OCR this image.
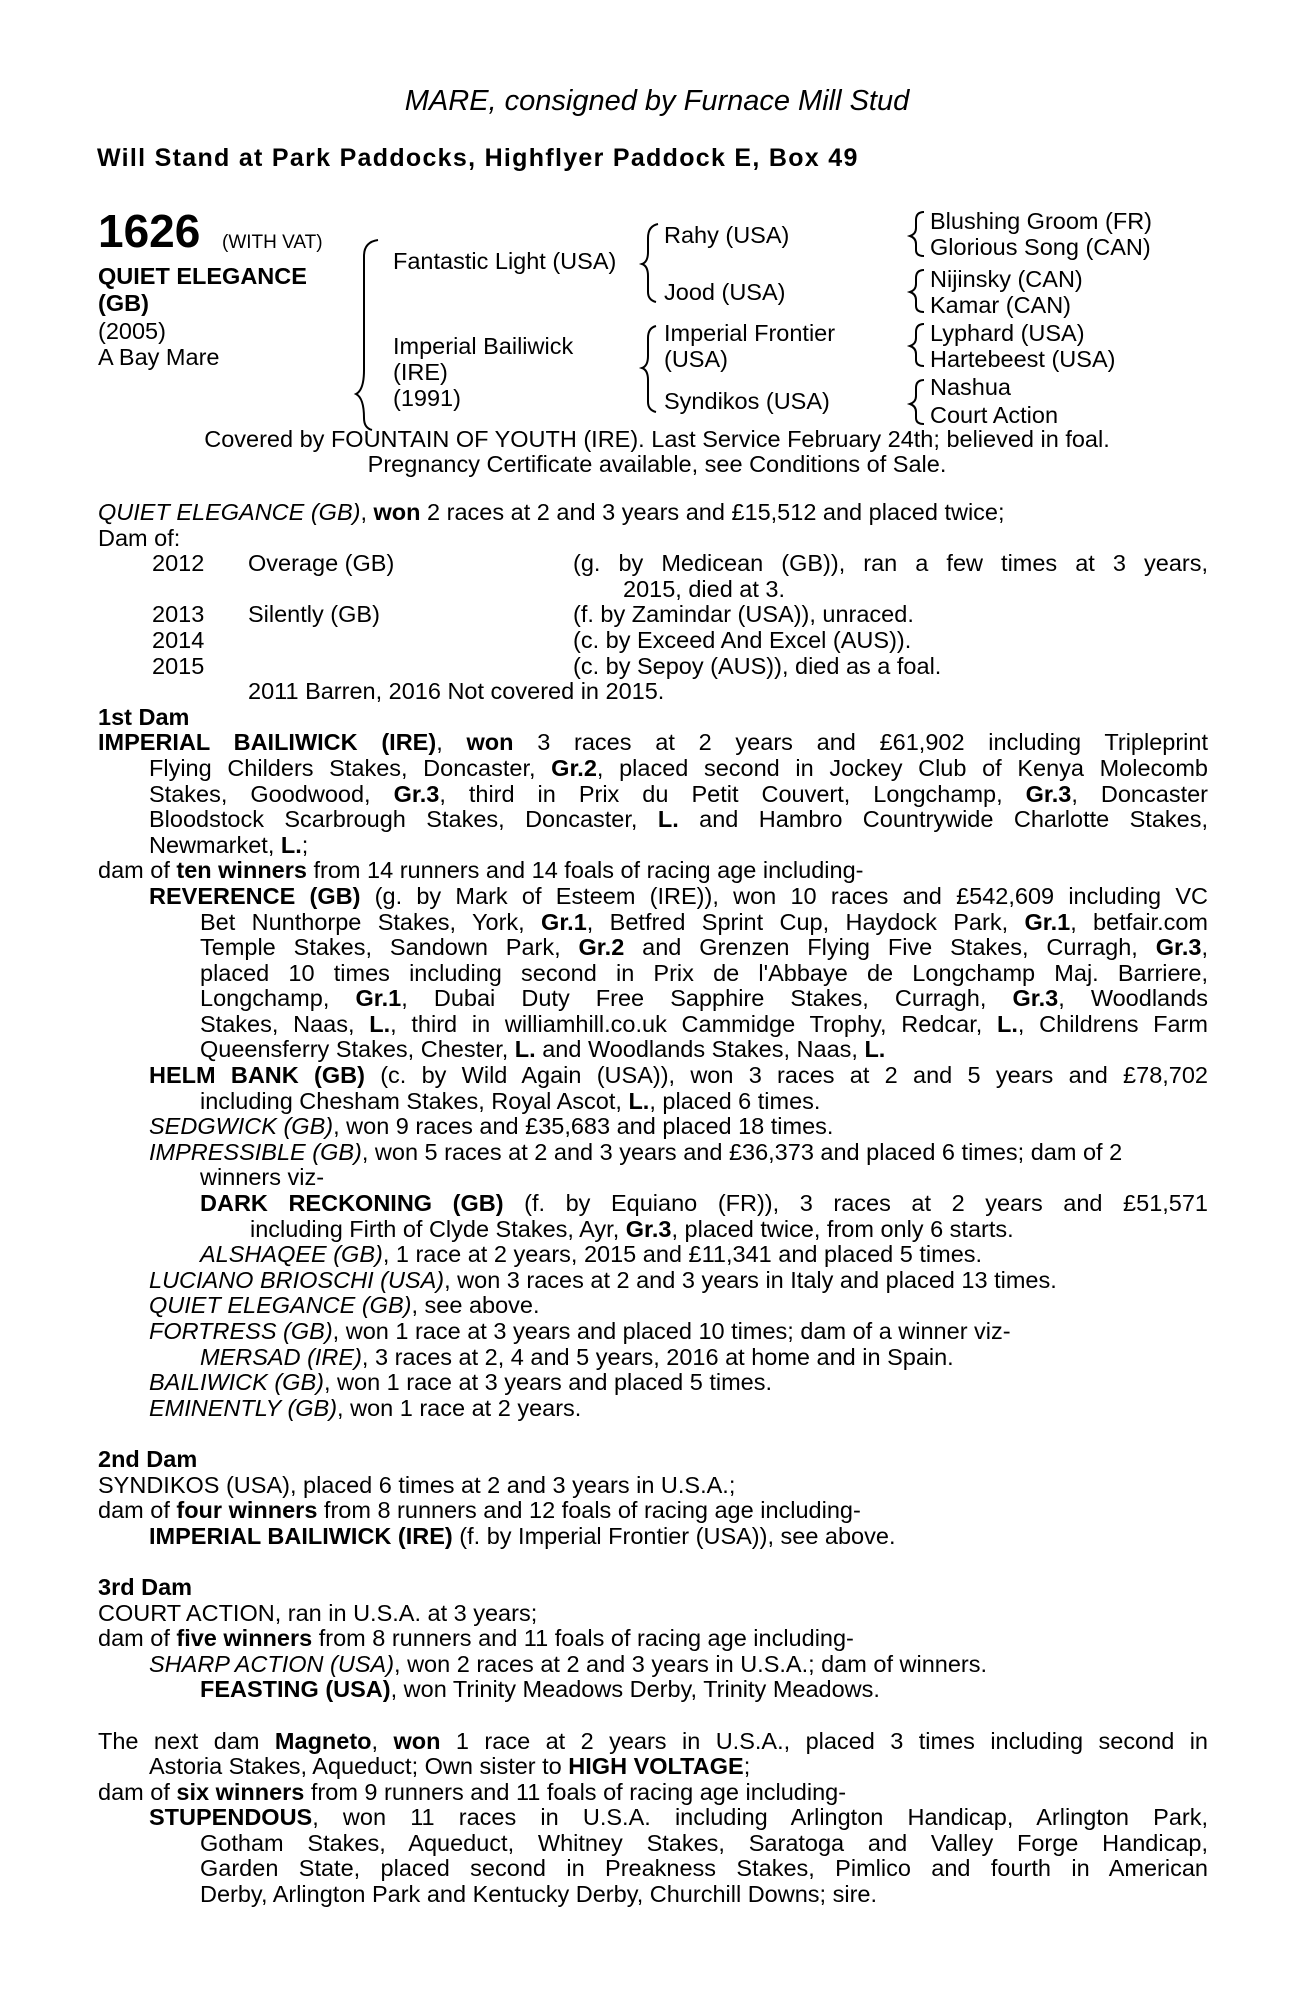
MARE, consigned by Furnace Mill Stud
Will Stand at Park Paddocks, Highflyer Paddock E, Box 49
1626 (WITH VAT)
QUIET ELEGANCE
(GB)
(2005)
A Bay Mare
Fantastic Light (USA)
Imperial Bailiwick
(IRE)
(1991)
Rahy (USA)
Jood (USA)
Imperial Frontier
(USA)
Syndikos (USA)
Blushing Groom (FR)
Glorious Song (CAN)
Nijinsky (CAN)
Kamar (CAN)
Lyphard (USA)
Hartebeest (USA)
Nashua
Court Action
Covered by FOUNTAIN OF YOUTH (IRE). Last Service February 24th; believed in foal.
Pregnancy Certificate available, see Conditions of Sale.
QUIET ELEGANCE (GB), won 2 races at 2 and 3 years and £15,512 and placed twice;
Dam of:
2012 Overage (GB)	(g. by Medicean (GB)), ran a few times at 3 years,
2015, died at 3.
2013 Silently (GB)	(f. by Zamindar (USA)), unraced.
2014	(c. by Exceed And Excel (AUS)).
2015	(c. by Sepoy (AUS)), died as a foal.
2011 Barren, 2016 Not covered in 2015.
1st Dam
IMPERIAL BAILIWICK (IRE), won 3 races at 2 years and £61,902 including Tripleprint
Flying Childers Stakes, Doncaster, Gr.2, placed second in Jockey Club of Kenya Molecomb
Stakes, Goodwood, Gr.3, third in Prix du Petit Couvert, Longchamp, Gr.3, Doncaster
Bloodstock Scarbrough Stakes, Doncaster, L. and Hambro Countrywide Charlotte Stakes,
Newmarket, L.;
dam of ten winners from 14 runners and 14 foals of racing age including-
REVERENCE (GB) (g. by Mark of Esteem (IRE)), won 10 races and £542,609 including VC
Bet Nunthorpe Stakes, York, Gr.1, Betfred Sprint Cup, Haydock Park, Gr.1, betfair.com
Temple Stakes, Sandown Park, Gr.2 and Grenzen Flying Five Stakes, Curragh, Gr.3,
placed 10 times including second in Prix de l'Abbaye de Longchamp Maj. Barriere,
Longchamp, Gr.1, Dubai Duty Free Sapphire Stakes, Curragh, Gr.3, Woodlands
Stakes, Naas, L., third in williamhill.co.uk Cammidge Trophy, Redcar, L., Childrens Farm
Queensferry Stakes, Chester, L. and Woodlands Stakes, Naas, L.
HELM BANK (GB) (c. by Wild Again (USA)), won 3 races at 2 and 5 years and £78,702
including Chesham Stakes, Royal Ascot, L., placed 6 times.
SEDGWICK (GB), won 9 races and £35,683 and placed 18 times.
IMPRESSIBLE (GB), won 5 races at 2 and 3 years and £36,373 and placed 6 times; dam of 2
winners viz-
DARK RECKONING (GB) (f. by Equiano (FR)), 3 races at 2 years and £51,571
including Firth of Clyde Stakes, Ayr, Gr.3, placed twice, from only 6 starts.
ALSHAQEE (GB), 1 race at 2 years, 2015 and £11,341 and placed 5 times.
LUCIANO BRIOSCHI (USA), won 3 races at 2 and 3 years in Italy and placed 13 times.
QUIET ELEGANCE (GB), see above.
FORTRESS (GB), won 1 race at 3 years and placed 10 times; dam of a winner viz-
MERSAD (IRE), 3 races at 2, 4 and 5 years, 2016 at home and in Spain.
BAILIWICK (GB), won 1 race at 3 years and placed 5 times.
EMINENTLY (GB), won 1 race at 2 years.
2nd Dam
SYNDIKOS (USA), placed 6 times at 2 and 3 years in U.S.A.;
dam of four winners from 8 runners and 12 foals of racing age including-
IMPERIAL BAILIWICK (IRE) (f. by Imperial Frontier (USA)), see above.
3rd Dam
COURT ACTION, ran in U.S.A. at 3 years;
dam of five winners from 8 runners and 11 foals of racing age including-
SHARP ACTION (USA), won 2 races at 2 and 3 years in U.S.A.; dam of winners.
FEASTING (USA), won Trinity Meadows Derby, Trinity Meadows.
The next dam Magneto, won 1 race at 2 years in U.S.A., placed 3 times including second in
Astoria Stakes, Aqueduct; Own sister to HIGH VOLTAGE;
dam of six winners from 9 runners and 11 foals of racing age including-
STUPENDOUS, won 11 races in U.S.A. including Arlington Handicap, Arlington Park,
Gotham Stakes, Aqueduct, Whitney Stakes, Saratoga and Valley Forge Handicap,
Garden State, placed second in Preakness Stakes, Pimlico and fourth in American
Derby, Arlington Park and Kentucky Derby, Churchill Downs; sire.
